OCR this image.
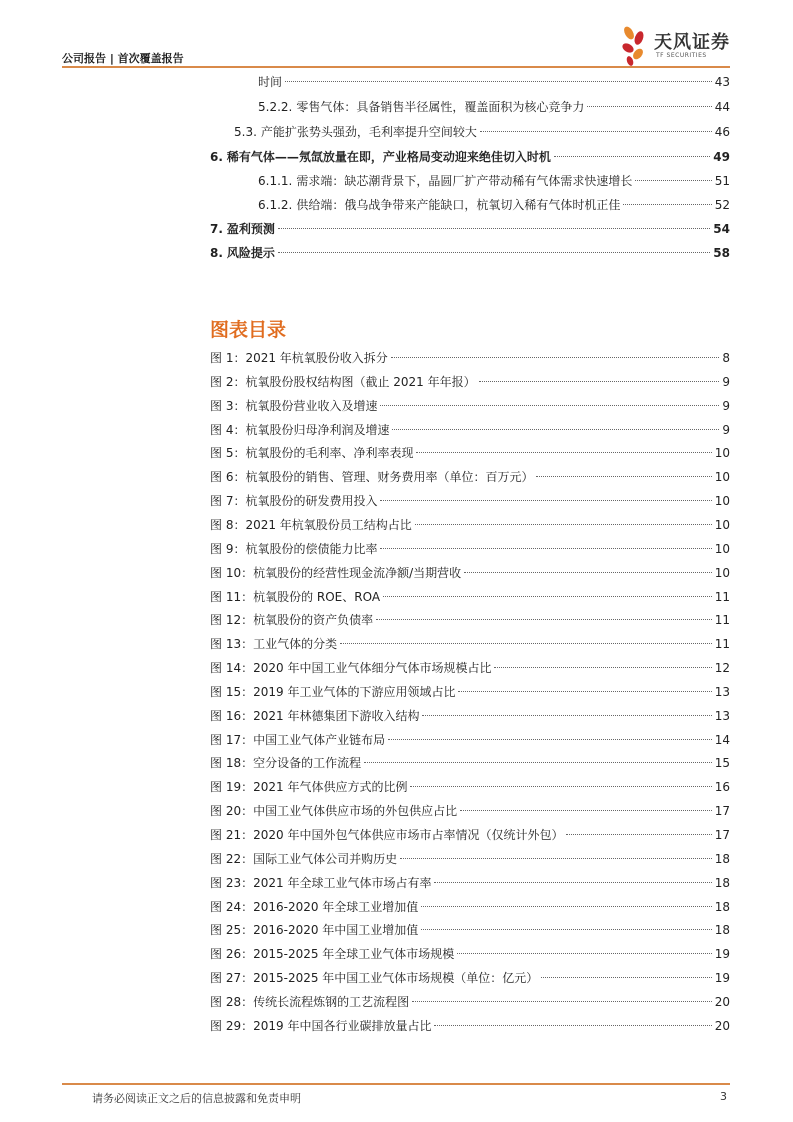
公司报告 | 首次覆盖报告
天风证券
TF SECURITIES
时间	43
5.2.2. 零售气体：具备销售半径属性，覆盖面积为核心竞争力	44
5.3. 产能扩张势头强劲，毛利率提升空间较大	46
6. 稀有气体——氖氙放量在即，产业格局变动迎来绝佳切入时机	49
6.1.1. 需求端：缺芯潮背景下，晶圆厂扩产带动稀有气体需求快速增长	51
6.1.2. 供给端：俄乌战争带来产能缺口，杭氧切入稀有气体时机正佳	52
7. 盈利预测	54
8. 风险提示	58
图表目录
图 1：2021 年杭氧股份收入拆分	8
图 2：杭氧股份股权结构图（截止 2021 年年报）	9
图 3：杭氧股份营业收入及增速	9
图 4：杭氧股份归母净利润及增速	9
图 5：杭氧股份的毛利率、净利率表现	10
图 6：杭氧股份的销售、管理、财务费用率（单位：百万元）	10
图 7：杭氧股份的研发费用投入	10
图 8：2021 年杭氧股份员工结构占比	10
图 9：杭氧股份的偿债能力比率	10
图 10：杭氧股份的经营性现金流净额/当期营收	10
图 11：杭氧股份的 ROE、ROA	11
图 12：杭氧股份的资产负债率	11
图 13：工业气体的分类	11
图 14：2020 年中国工业气体细分气体市场规模占比	12
图 15：2019 年工业气体的下游应用领域占比	13
图 16：2021 年林德集团下游收入结构	13
图 17：中国工业气体产业链布局	14
图 18：空分设备的工作流程	15
图 19：2021 年气体供应方式的比例	16
图 20：中国工业气体供应市场的外包供应占比	17
图 21：2020 年中国外包气体供应市场市占率情况（仅统计外包）	17
图 22：国际工业气体公司并购历史	18
图 23：2021 年全球工业气体市场占有率	18
图 24：2016-2020 年全球工业增加值	18
图 25：2016-2020 年中国工业增加值	18
图 26：2015-2025 年全球工业气体市场规模	19
图 27：2015-2025 年中国工业气体市场规模（单位：亿元）	19
图 28：传统长流程炼钢的工艺流程图	20
图 29：2019 年中国各行业碳排放量占比	20
请务必阅读正文之后的信息披露和免责申明	3
